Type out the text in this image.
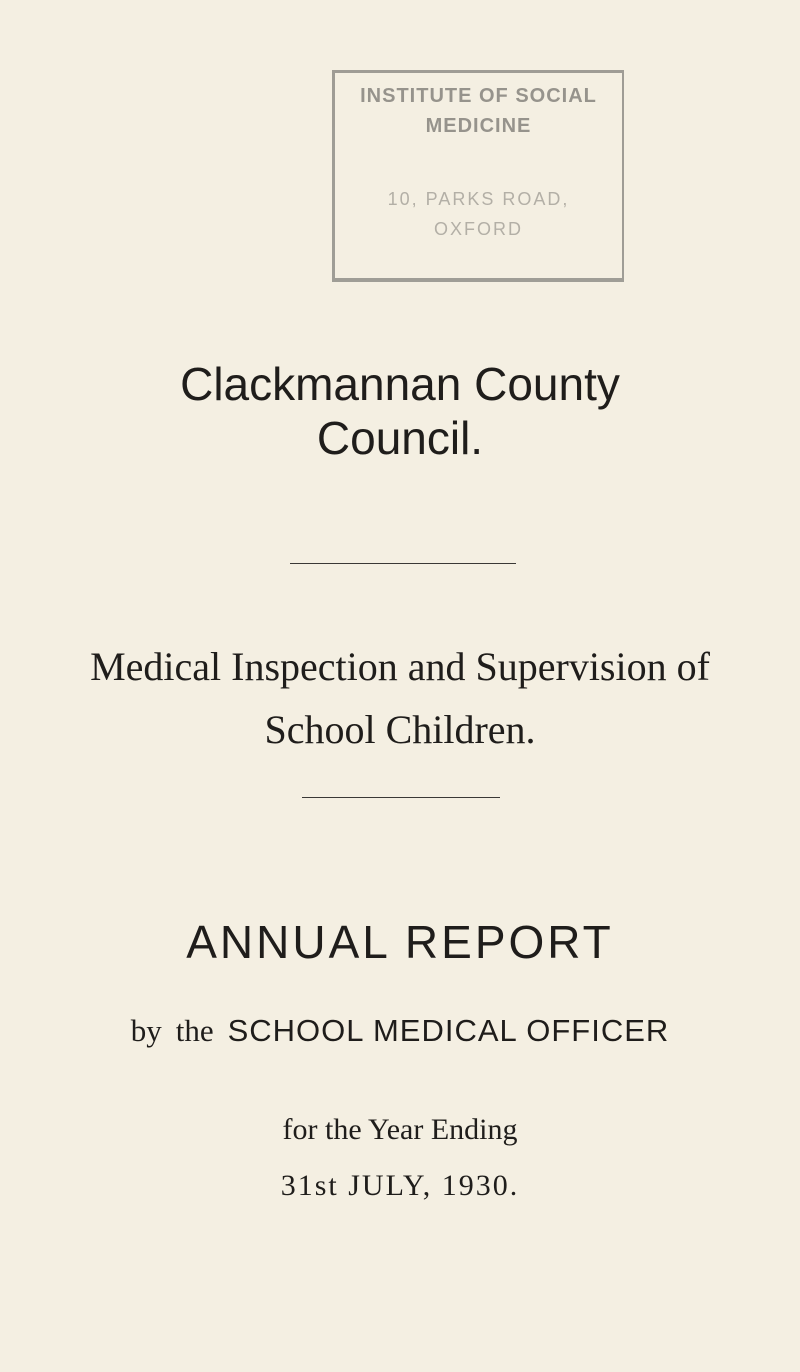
INSTITUTE OF SOCIAL
MEDICINE
10, PARKS ROAD,
OXFORD
Clackmannan County
Council.
Medical Inspection and Supervision of
School Children.
ANNUAL REPORT
by the SCHOOL MEDICAL OFFICER
for the Year Ending
31st JULY, 1930.
